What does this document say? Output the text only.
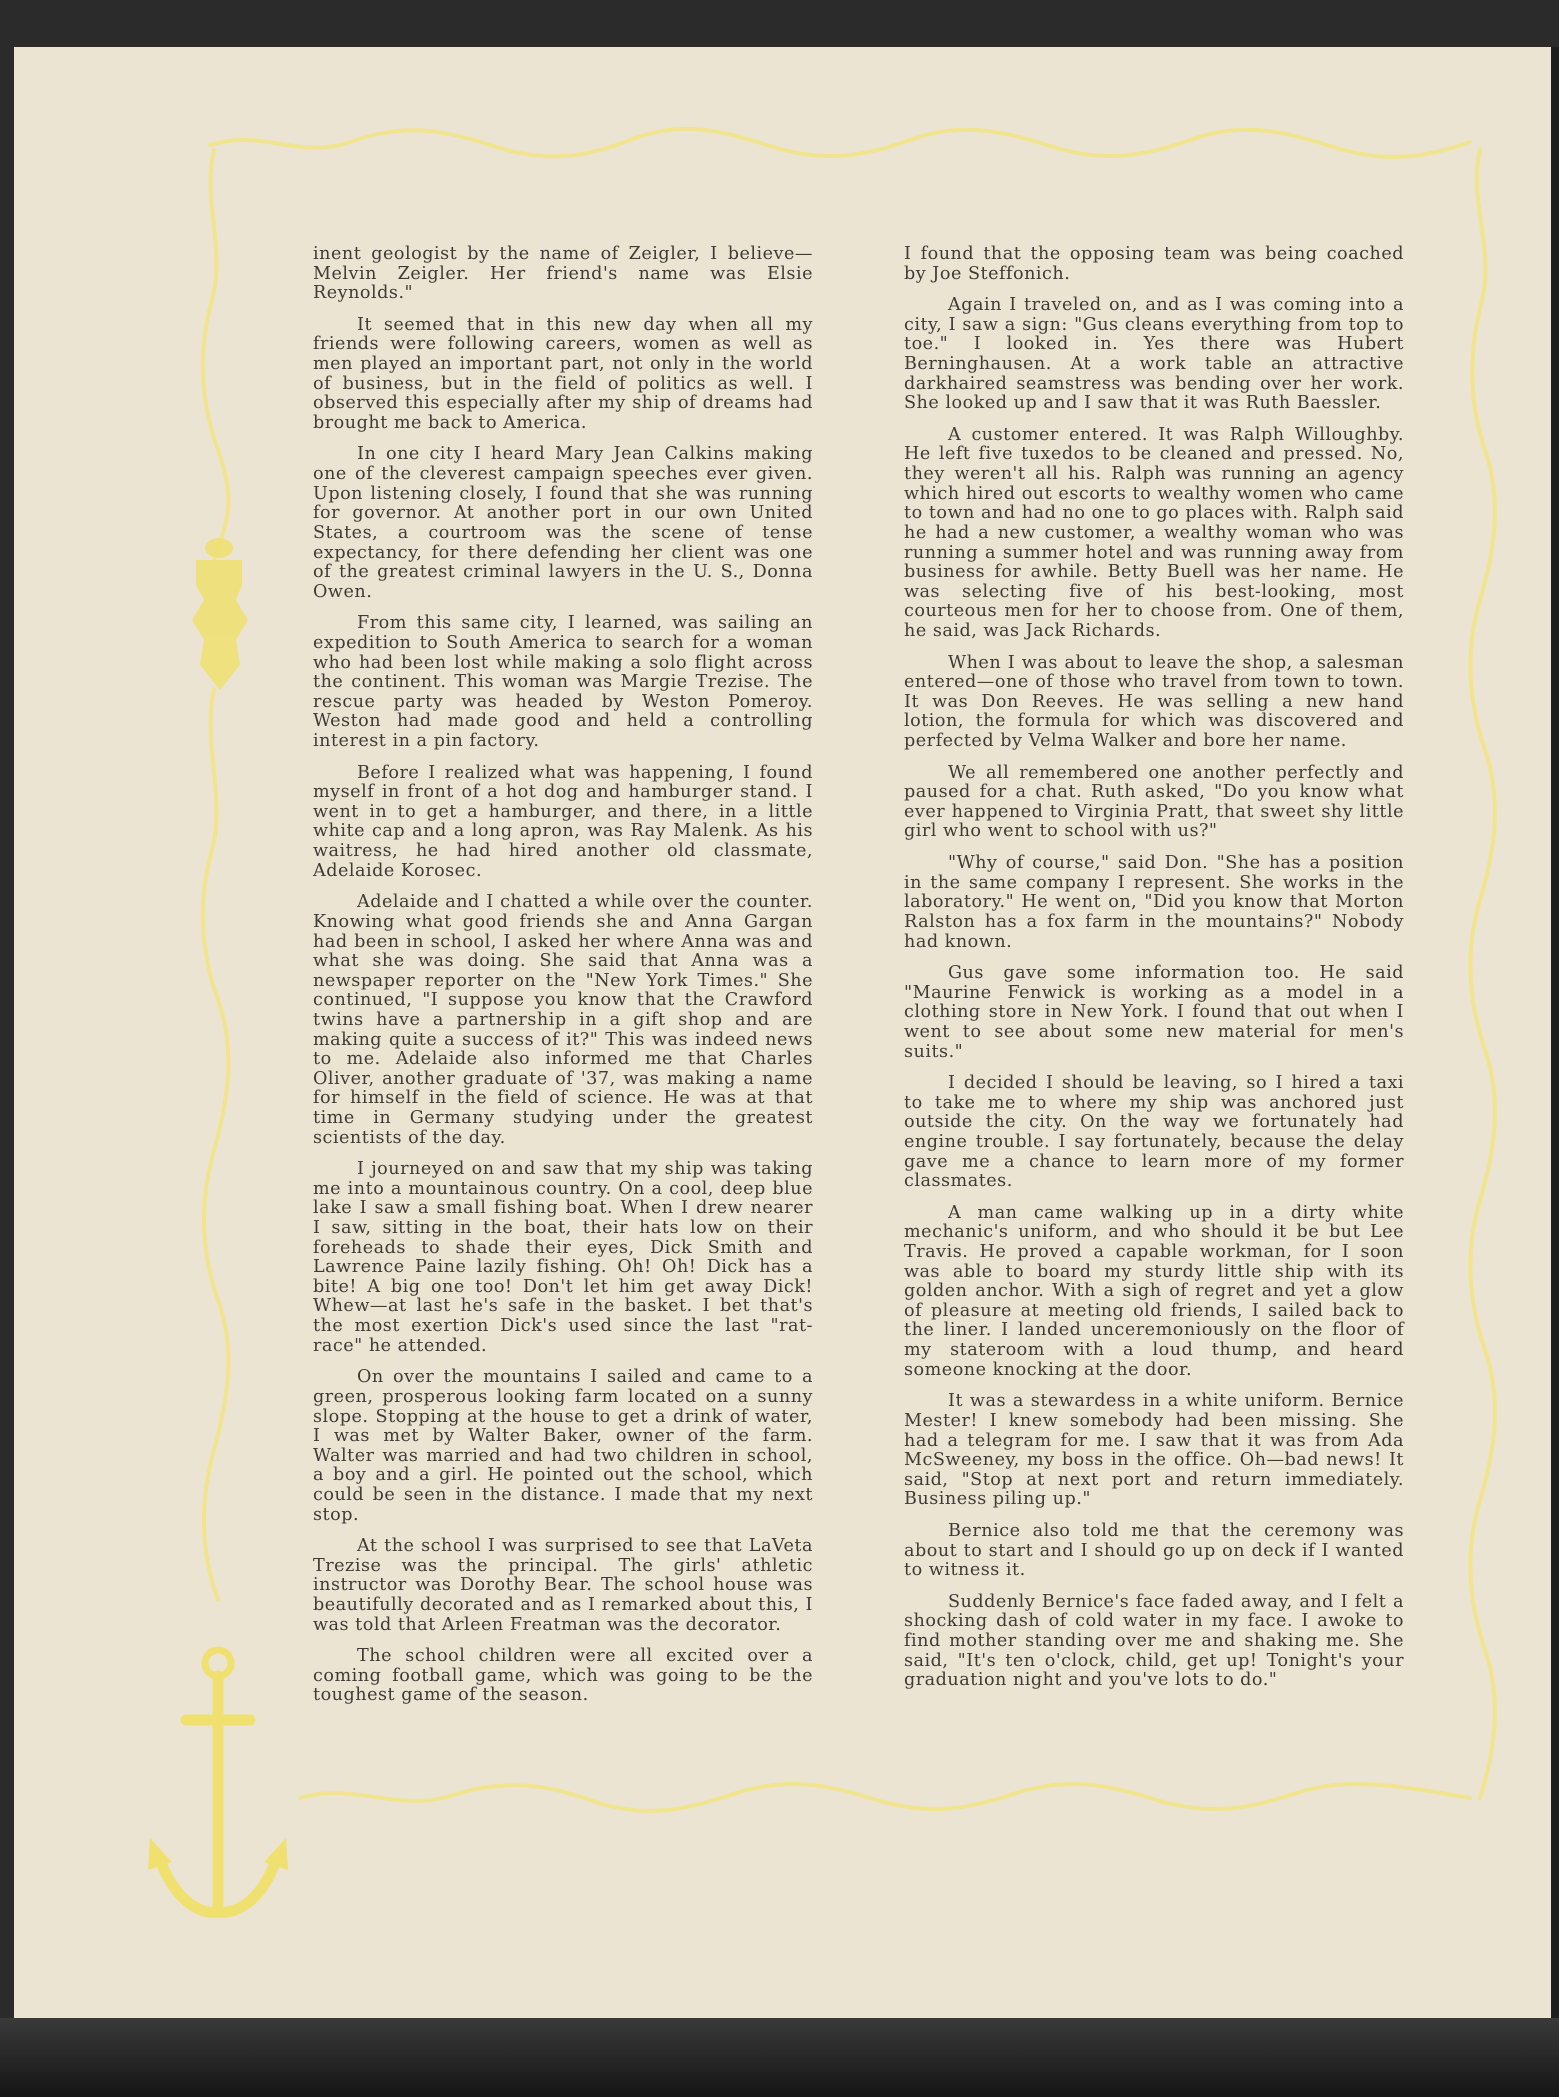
inent geologist by the name of Zeigler, I believe—Melvin Zeigler. Her friend's name was Elsie Reynolds."

It seemed that in this new day when all my friends were following careers, women as well as men played an important part, not only in the world of business, but in the field of politics as well. I observed this especially after my ship of dreams had brought me back to America.

In one city I heard Mary Jean Calkins making one of the cleverest campaign speeches ever given. Upon listening closely, I found that she was running for governor. At another port in our own United States, a courtroom was the scene of tense expectancy, for there defending her client was one of the greatest criminal lawyers in the U. S., Donna Owen.

From this same city, I learned, was sailing an expedition to South America to search for a woman who had been lost while making a solo flight across the continent. This woman was Margie Trezise. The rescue party was headed by Weston Pomeroy. Weston had made good and held a controlling interest in a pin factory.

Before I realized what was happening, I found myself in front of a hot dog and hamburger stand. I went in to get a hamburger, and there, in a little white cap and a long apron, was Ray Malenk. As his waitress, he had hired another old classmate, Adelaide Korosec.

Adelaide and I chatted a while over the counter. Knowing what good friends she and Anna Gargan had been in school, I asked her where Anna was and what she was doing. She said that Anna was a newspaper reporter on the "New York Times." She continued, "I suppose you know that the Crawford twins have a partnership in a gift shop and are making quite a success of it?" This was indeed news to me. Adelaide also informed me that Charles Oliver, another graduate of '37, was making a name for himself in the field of science. He was at that time in Germany studying under the greatest scientists of the day.

I journeyed on and saw that my ship was taking me into a mountainous country. On a cool, deep blue lake I saw a small fishing boat. When I drew nearer I saw, sitting in the boat, their hats low on their foreheads to shade their eyes, Dick Smith and Lawrence Paine lazily fishing. Oh! Oh! Dick has a bite! A big one too! Don't let him get away Dick! Whew—at last he's safe in the basket. I bet that's the most exertion Dick's used since the last "rat-race" he attended.

On over the mountains I sailed and came to a green, prosperous looking farm located on a sunny slope. Stopping at the house to get a drink of water, I was met by Walter Baker, owner of the farm. Walter was married and had two children in school, a boy and a girl. He pointed out the school, which could be seen in the distance. I made that my next stop.

At the school I was surprised to see that LaVeta Trezise was the principal. The girls' athletic instructor was Dorothy Bear. The school house was beautifully decorated and as I remarked about this, I was told that Arleen Freatman was the decorator.

The school children were all excited over a coming football game, which was going to be the toughest game of the season.

I found that the opposing team was being coached by Joe Steffonich.

Again I traveled on, and as I was coming into a city, I saw a sign: "Gus cleans everything from top to toe." I looked in. Yes there was Hubert Berninghausen. At a work table an attractive darkhaired seamstress was bending over her work. She looked up and I saw that it was Ruth Baessler.

A customer entered. It was Ralph Willoughby. He left five tuxedos to be cleaned and pressed. No, they weren't all his. Ralph was running an agency which hired out escorts to wealthy women who came to town and had no one to go places with. Ralph said he had a new customer, a wealthy woman who was running a summer hotel and was running away from business for awhile. Betty Buell was her name. He was selecting five of his best-looking, most courteous men for her to choose from. One of them, he said, was Jack Richards.

When I was about to leave the shop, a salesman entered—one of those who travel from town to town. It was Don Reeves. He was selling a new hand lotion, the formula for which was discovered and perfected by Velma Walker and bore her name.

We all remembered one another perfectly and paused for a chat. Ruth asked, "Do you know what ever happened to Virginia Pratt, that sweet shy little girl who went to school with us?"

"Why of course," said Don. "She has a position in the same company I represent. She works in the laboratory." He went on, "Did you know that Morton Ralston has a fox farm in the mountains?" Nobody had known.

Gus gave some information too. He said "Maurine Fenwick is working as a model in a clothing store in New York. I found that out when I went to see about some new material for men's suits."

I decided I should be leaving, so I hired a taxi to take me to where my ship was anchored just outside the city. On the way we fortunately had engine trouble. I say fortunately, because the delay gave me a chance to learn more of my former classmates.

A man came walking up in a dirty white mechanic's uniform, and who should it be but Lee Travis. He proved a capable workman, for I soon was able to board my sturdy little ship with its golden anchor. With a sigh of regret and yet a glow of pleasure at meeting old friends, I sailed back to the liner. I landed unceremoniously on the floor of my stateroom with a loud thump, and heard someone knocking at the door.

It was a stewardess in a white uniform. Bernice Mester! I knew somebody had been missing. She had a telegram for me. I saw that it was from Ada McSweeney, my boss in the office. Oh—bad news! It said, "Stop at next port and return immediately. Business piling up."

Bernice also told me that the ceremony was about to start and I should go up on deck if I wanted to witness it.

Suddenly Bernice's face faded away, and I felt a shocking dash of cold water in my face. I awoke to find mother standing over me and shaking me. She said, "It's ten o'clock, child, get up! Tonight's your graduation night and you've lots to do."
